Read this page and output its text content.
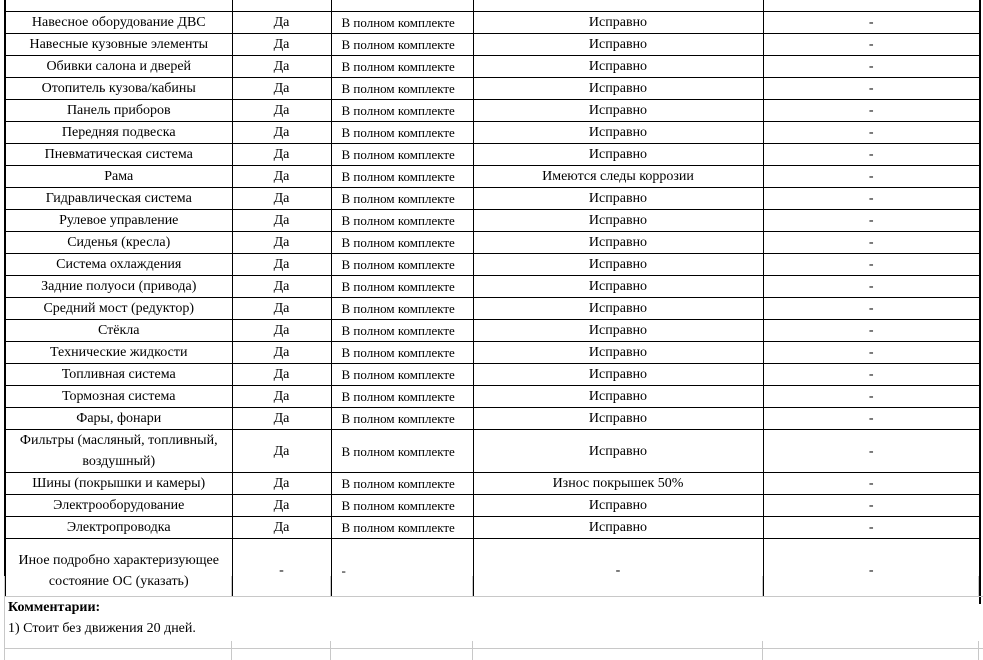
Навесное оборудование ДВС	Да	В полном комплекте	Исправно	-
Навесные кузовные элементы	Да	В полном комплекте	Исправно	-
Обивки салона и дверей	Да	В полном комплекте	Исправно	-
Отопитель кузова/кабины	Да	В полном комплекте	Исправно	-
Панель приборов	Да	В полном комплекте	Исправно	-
Передняя подвеска	Да	В полном комплекте	Исправно	-
Пневматическая система	Да	В полном комплекте	Исправно	-
Рама	Да	В полном комплекте	Имеются следы коррозии	-
Гидравлическая система	Да	В полном комплекте	Исправно	-
Рулевое управление	Да	В полном комплекте	Исправно	-
Сиденья (кресла)	Да	В полном комплекте	Исправно	-
Система охлаждения	Да	В полном комплекте	Исправно	-
Задние полуоси (привода)	Да	В полном комплекте	Исправно	-
Средний мост (редуктор)	Да	В полном комплекте	Исправно	-
Стёкла	Да	В полном комплекте	Исправно	-
Технические жидкости	Да	В полном комплекте	Исправно	-
Топливная система	Да	В полном комплекте	Исправно	-
Тормозная система	Да	В полном комплекте	Исправно	-
Фары, фонари	Да	В полном комплекте	Исправно	-
Фильтры (масляный, топливный, воздушный)	Да	В полном комплекте	Исправно	-
Шины (покрышки и камеры)	Да	В полном комплекте	Износ покрышек 50%	-
Электрооборудование	Да	В полном комплекте	Исправно	-
Электропроводка	Да	В полном комплекте	Исправно	-
Иное подробно характеризующее состояние ОС (указать)	-	-	-	-
Комментарии:
1) Стоит без движения 20 дней.
